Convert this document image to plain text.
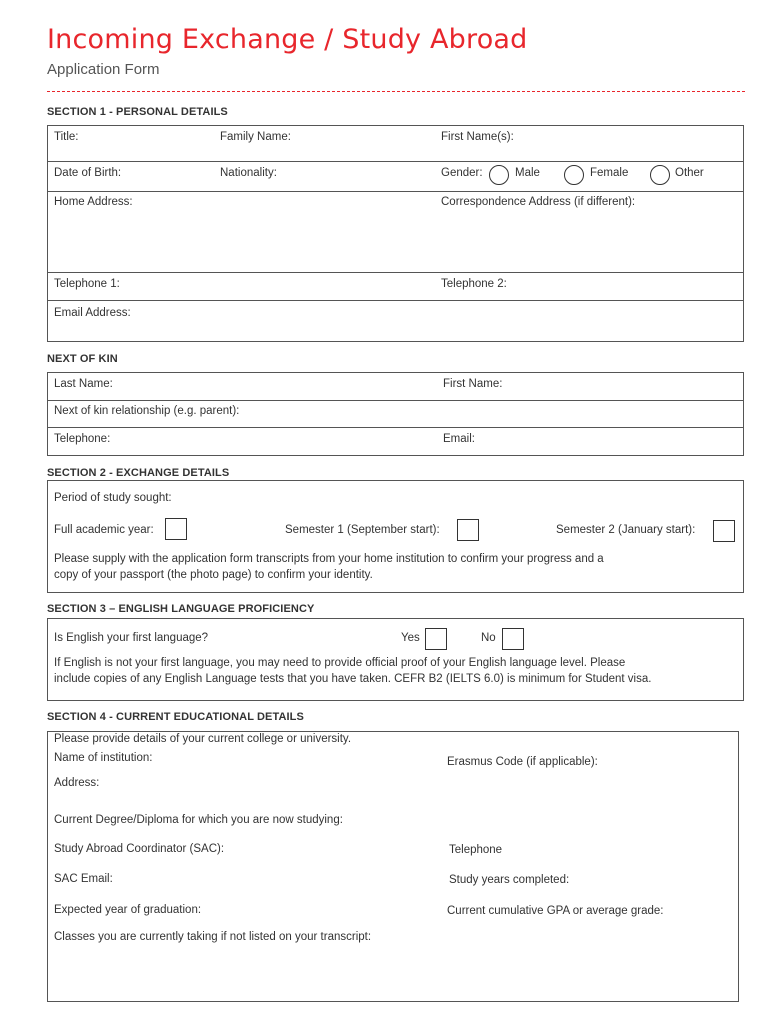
Incoming Exchange / Study Abroad
Application Form
SECTION 1 - PERSONAL DETAILS
Title:	Family Name:	First Name(s):
Date of Birth:	Nationality:	Gender:	Male	Female	Other
Home Address:	Correspondence Address (if different):
Telephone 1:	Telephone 2:
Email Address:
NEXT OF KIN
Last Name:	First Name:
Next of kin relationship (e.g. parent):
Telephone:	Email:
SECTION 2 - EXCHANGE DETAILS
Period of study sought:
Full academic year:	Semester 1 (September start):	Semester 2 (January start):
Please supply with the application form transcripts from your home institution to confirm your progress and a
copy of your passport (the photo page) to confirm your identity.
SECTION 3 – ENGLISH LANGUAGE PROFICIENCY
Is English your first language?	Yes	No
If English is not your first language, you may need to provide official proof of your English language level. Please
include copies of any English Language tests that you have taken. CEFR B2 (IELTS 6.0) is minimum for Student visa.
SECTION 4 - CURRENT EDUCATIONAL DETAILS
Please provide details of your current college or university.
Name of institution:	Erasmus Code (if applicable):
Address:
Current Degree/Diploma for which you are now studying:
Study Abroad Coordinator (SAC):	Telephone
SAC Email:	Study years completed:
Expected year of graduation:	Current cumulative GPA or average grade:
Classes you are currently taking if not listed on your transcript:
